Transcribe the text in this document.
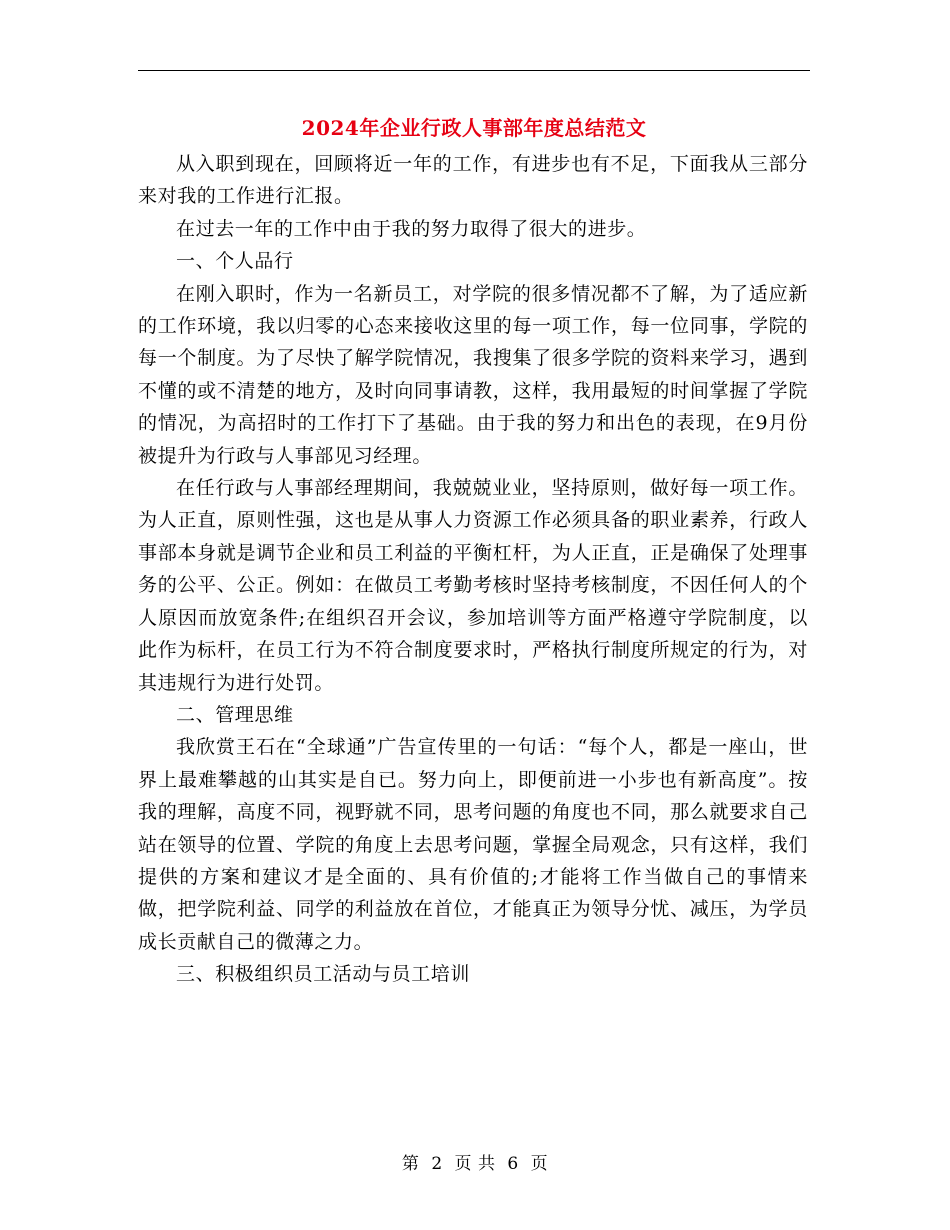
2024年企业行政人事部年度总结范文

从入职到现在，回顾将近一年的工作，有进步也有不足，下面我从三部分来对我的工作进行汇报。

在过去一年的工作中由于我的努力取得了很大的进步。

一、个人品行

在刚入职时，作为一名新员工，对学院的很多情况都不了解，为了适应新的工作环境，我以归零的心态来接收这里的每一项工作，每一位同事，学院的每一个制度。为了尽快了解学院情况，我搜集了很多学院的资料来学习，遇到不懂的或不清楚的地方，及时向同事请教，这样，我用最短的时间掌握了学院的情况，为高招时的工作打下了基础。由于我的努力和出色的表现，在9月份被提升为行政与人事部见习经理。

在任行政与人事部经理期间，我兢兢业业，坚持原则，做好每一项工作。为人正直，原则性强，这也是从事人力资源工作必须具备的职业素养，行政人事部本身就是调节企业和员工利益的平衡杠杆，为人正直，正是确保了处理事务的公平、公正。例如：在做员工考勤考核时坚持考核制度，不因任何人的个人原因而放宽条件;在组织召开会议，参加培训等方面严格遵守学院制度，以此作为标杆，在员工行为不符合制度要求时，严格执行制度所规定的行为，对其违规行为进行处罚。

二、管理思维

我欣赏王石在“全球通”广告宣传里的一句话：“每个人，都是一座山，世界上最难攀越的山其实是自已。努力向上，即便前进一小步也有新高度”。按我的理解，高度不同，视野就不同，思考问题的角度也不同，那么就要求自己站在领导的位置、学院的角度上去思考问题，掌握全局观念，只有这样，我们提供的方案和建议才是全面的、具有价值的;才能将工作当做自己的事情来做，把学院利益、同学的利益放在首位，才能真正为领导分忧、减压，为学员成长贡献自己的微薄之力。

三、积极组织员工活动与员工培训

第 2 页 共 6 页
